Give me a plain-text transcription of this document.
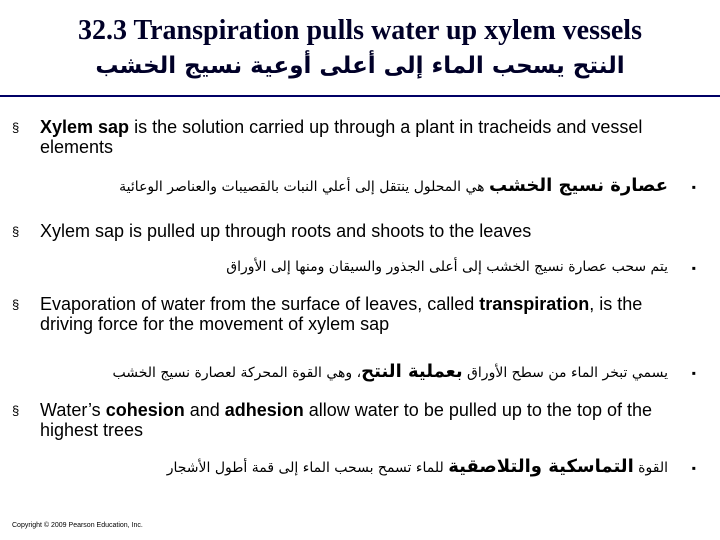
32.3 Transpiration pulls water up xylem vessels
النتح يسحب الماء إلى أعلى أوعية نسيج الخشب
§ Xylem sap is the solution carried up through a plant in tracheids and vessel elements
▪
عصارة نسيج الخشب هي المحلول ينتقل إلى أعلي النبات بالقصيبات والعناصر الوعائية
§ Xylem sap is pulled up through roots and shoots to the leaves
▪
يتم سحب عصارة نسيج الخشب إلى أعلى الجذور والسيقان ومنها إلى الأوراق
§ Evaporation of water from the surface of leaves, called transpiration, is the driving force for the movement of xylem sap
▪
يسمي تبخر الماء من سطح الأوراق بعملية النتح، وهي القوة المحركة لعصارة نسيج الخشب
§ Water’s cohesion and adhesion allow water to be pulled up to the top of the highest trees
▪
القوة التماسكية والتلاصقية للماء تسمح بسحب الماء إلى قمة أطول الأشجار
Copyright © 2009 Pearson Education, Inc.
